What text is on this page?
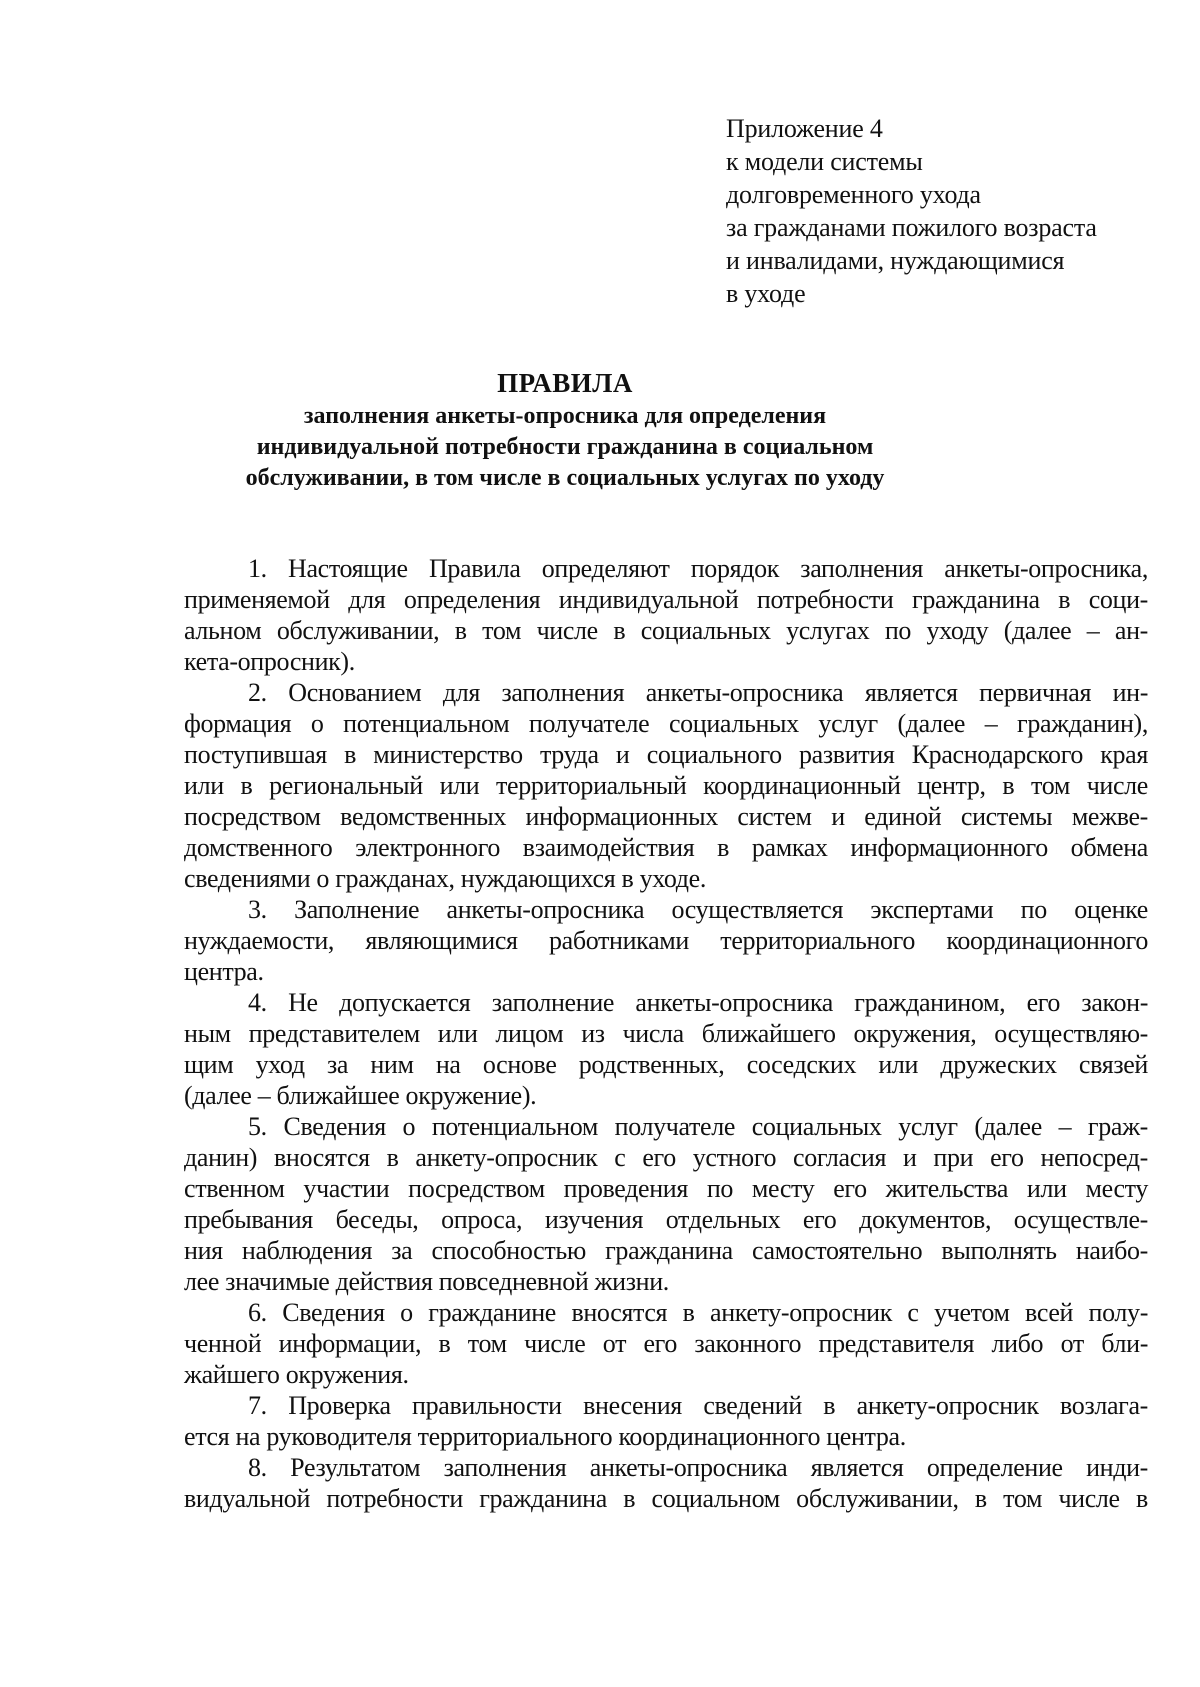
Приложение 4
к модели системы
долговременного ухода
за гражданами пожилого возраста
и инвалидами, нуждающимися
в уходе
ПРАВИЛА
заполнения анкеты-опросника для определения
индивидуальной потребности гражданина в социальном
обслуживании, в том числе в социальных услугах по уходу
1. Настоящие Правила определяют порядок заполнения анкеты-опросника,
применяемой для определения индивидуальной потребности гражданина в соци-
альном обслуживании, в том числе в социальных услугах по уходу (далее – ан-
кета-опросник).
2. Основанием для заполнения анкеты-опросника является первичная ин-
формация о потенциальном получателе социальных услуг (далее – гражданин),
поступившая в министерство труда и социального развития Краснодарского края
или в региональный или территориальный координационный центр, в том числе
посредством ведомственных информационных систем и единой системы межве-
домственного электронного взаимодействия в рамках информационного обмена
сведениями о гражданах, нуждающихся в уходе.
3. Заполнение анкеты-опросника осуществляется экспертами по оценке
нуждаемости, являющимися работниками территориального координационного
центра.
4. Не допускается заполнение анкеты-опросника гражданином, его закон-
ным представителем или лицом из числа ближайшего окружения, осуществляю-
щим уход за ним на основе родственных, соседских или дружеских связей
(далее – ближайшее окружение).
5. Сведения о потенциальном получателе социальных услуг (далее – граж-
данин) вносятся в анкету-опросник с его устного согласия и при его непосред-
ственном участии посредством проведения по месту его жительства или месту
пребывания беседы, опроса, изучения отдельных его документов, осуществле-
ния наблюдения за способностью гражданина самостоятельно выполнять наибо-
лее значимые действия повседневной жизни.
6. Сведения о гражданине вносятся в анкету-опросник с учетом всей полу-
ченной информации, в том числе от его законного представителя либо от бли-
жайшего окружения.
7. Проверка правильности внесения сведений в анкету-опросник возлага-
ется на руководителя территориального координационного центра.
8. Результатом заполнения анкеты-опросника является определение инди-
видуальной потребности гражданина в социальном обслуживании, в том числе в
